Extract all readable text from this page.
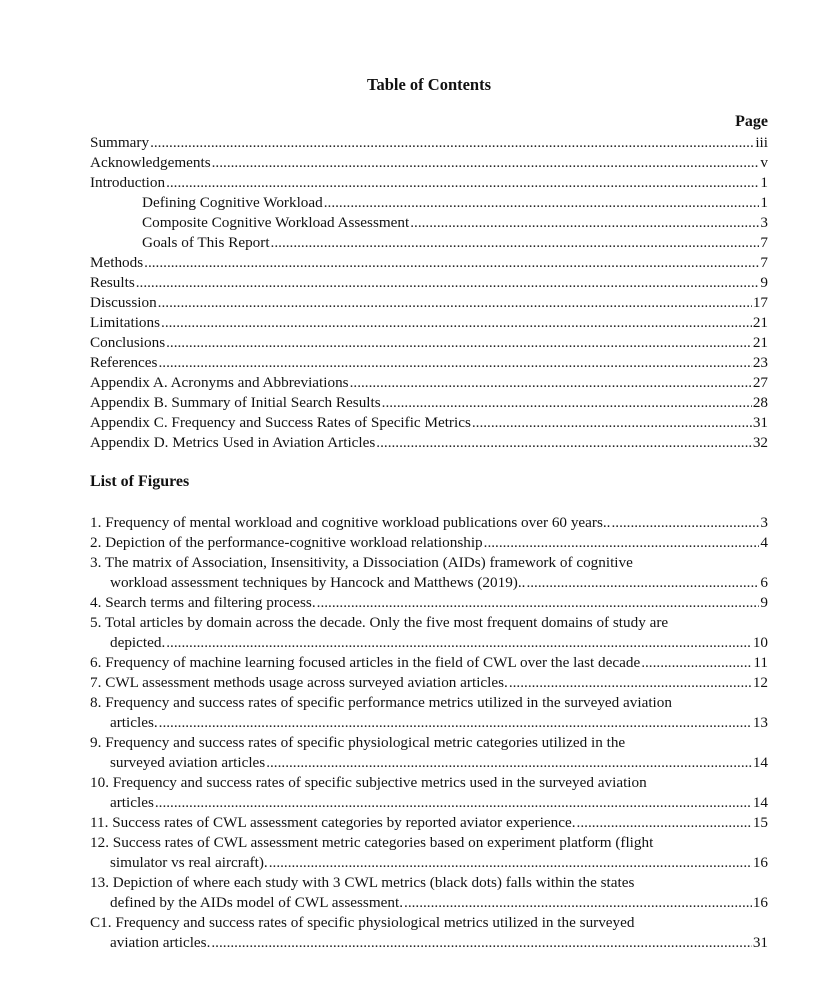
Table of Contents
Page
Summary .....	iii
Acknowledgements .....	v
Introduction .....	1
Defining Cognitive Workload .....	1
Composite Cognitive Workload Assessment .....	3
Goals of This Report .....	7
Methods .....	7
Results .....	9
Discussion .....	17
Limitations .....	21
Conclusions .....	21
References .....	23
Appendix A. Acronyms and Abbreviations .....	27
Appendix B. Summary of Initial Search Results .....	28
Appendix C. Frequency and Success Rates of Specific Metrics .....	31
Appendix D. Metrics Used in Aviation Articles .....	32
List of Figures
1. Frequency of mental workload and cognitive workload publications over 60 years.. .....	3
2. Depiction of the performance-cognitive workload relationship .....	4
3. The matrix of Association, Insensitivity, a Dissociation (AIDs) framework of cognitive
workload assessment techniques by Hancock and Matthews (2019).. .....	6
4. Search terms and filtering process. .....	9
5. Total articles by domain across the decade. Only the five most frequent domains of study are
depicted. .....	10
6. Frequency of machine learning focused articles in the field of CWL over the last decade .....	11
7. CWL assessment methods usage across surveyed aviation articles. .....	12
8. Frequency and success rates of specific performance metrics utilized in the surveyed aviation
articles. .....	13
9. Frequency and success rates of specific physiological metric categories utilized in the
surveyed aviation articles .....	14
10. Frequency and success rates of specific subjective metrics used in the surveyed aviation
articles .....	14
11. Success rates of CWL assessment categories by reported aviator experience. .....	15
12. Success rates of CWL assessment metric categories based on experiment platform (flight
simulator vs real aircraft). .....	16
13. Depiction of where each study with 3 CWL metrics (black dots) falls within the states
defined by the AIDs model of CWL assessment. .....	16
C1. Frequency and success rates of specific physiological metrics utilized in the surveyed
aviation articles. .....	31
